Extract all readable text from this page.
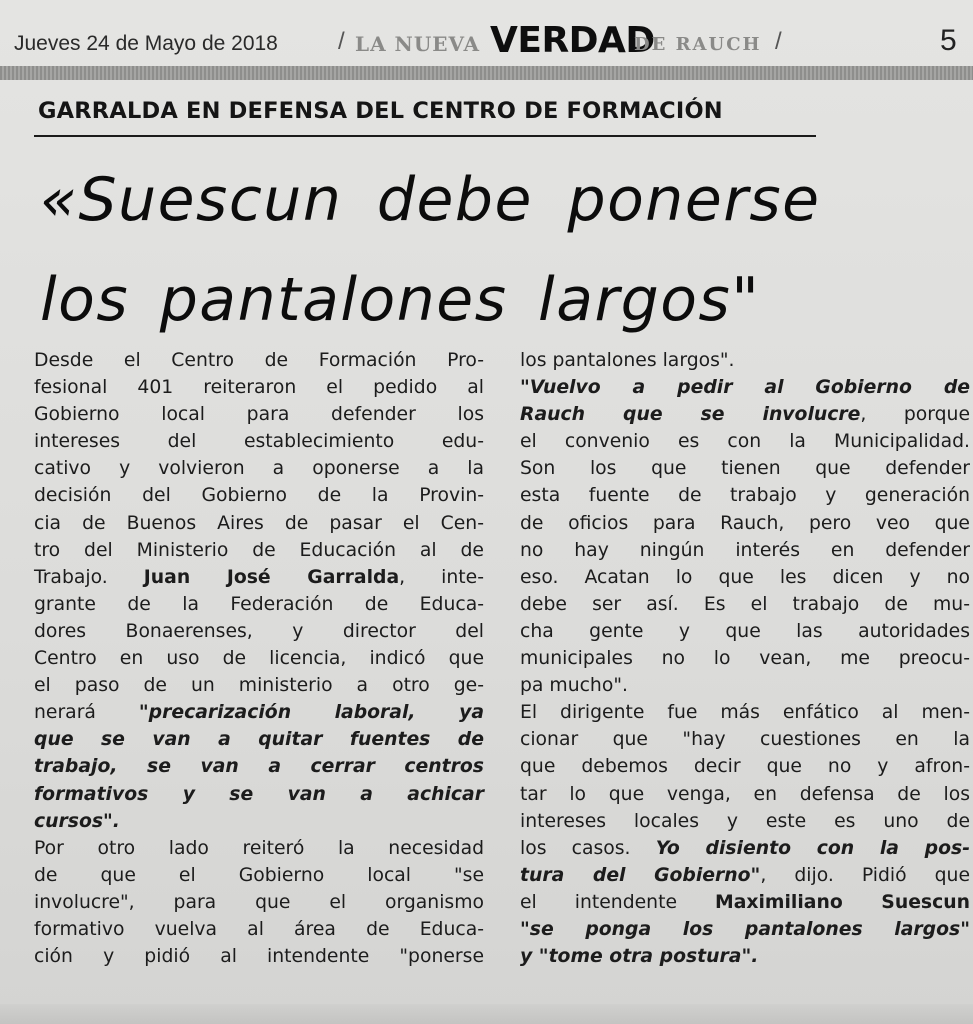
Jueves 24 de Mayo de 2018	/ LA NUEVA VERDAD
DE RAUCH /	5
GARRALDA EN DEFENSA DEL CENTRO DE FORMACIÓN
«Suescun debe ponerse
los pantalones largos"
Desde el Centro de Formación Pro-
fesional 401 reiteraron el pedido al
Gobierno local para defender los
intereses del establecimiento edu-
cativo y volvieron a oponerse a la
decisión del Gobierno de la Provin-
cia de Buenos Aires de pasar el Cen-
tro del Ministerio de Educación al de
Trabajo. Juan José Garralda, inte-
grante de la Federación de Educa-
dores Bonaerenses, y director del
Centro en uso de licencia, indicó que
el paso de un ministerio a otro ge-
nerará "precarización laboral, ya
que se van a quitar fuentes de
trabajo, se van a cerrar centros
formativos y se van a achicar
cursos".
Por otro lado reiteró la necesidad
de que el Gobierno local "se
involucre", para que el organismo
formativo vuelva al área de Educa-
ción y pidió al intendente "ponerse
los pantalones largos".
"Vuelvo a pedir al Gobierno de
Rauch que se involucre, porque
el convenio es con la Municipalidad.
Son los que tienen que defender
esta fuente de trabajo y generación
de oficios para Rauch, pero veo que
no hay ningún interés en defender
eso. Acatan lo que les dicen y no
debe ser así. Es el trabajo de mu-
cha gente y que las autoridades
municipales no lo vean, me preocu-
pa mucho".
El dirigente fue más enfático al men-
cionar que "hay cuestiones en la
que debemos decir que no y afron-
tar lo que venga, en defensa de los
intereses locales y este es uno de
los casos. Yo disiento con la pos-
tura del Gobierno", dijo. Pidió que
el intendente Maximiliano Suescun
"se ponga los pantalones largos"
y "tome otra postura".
